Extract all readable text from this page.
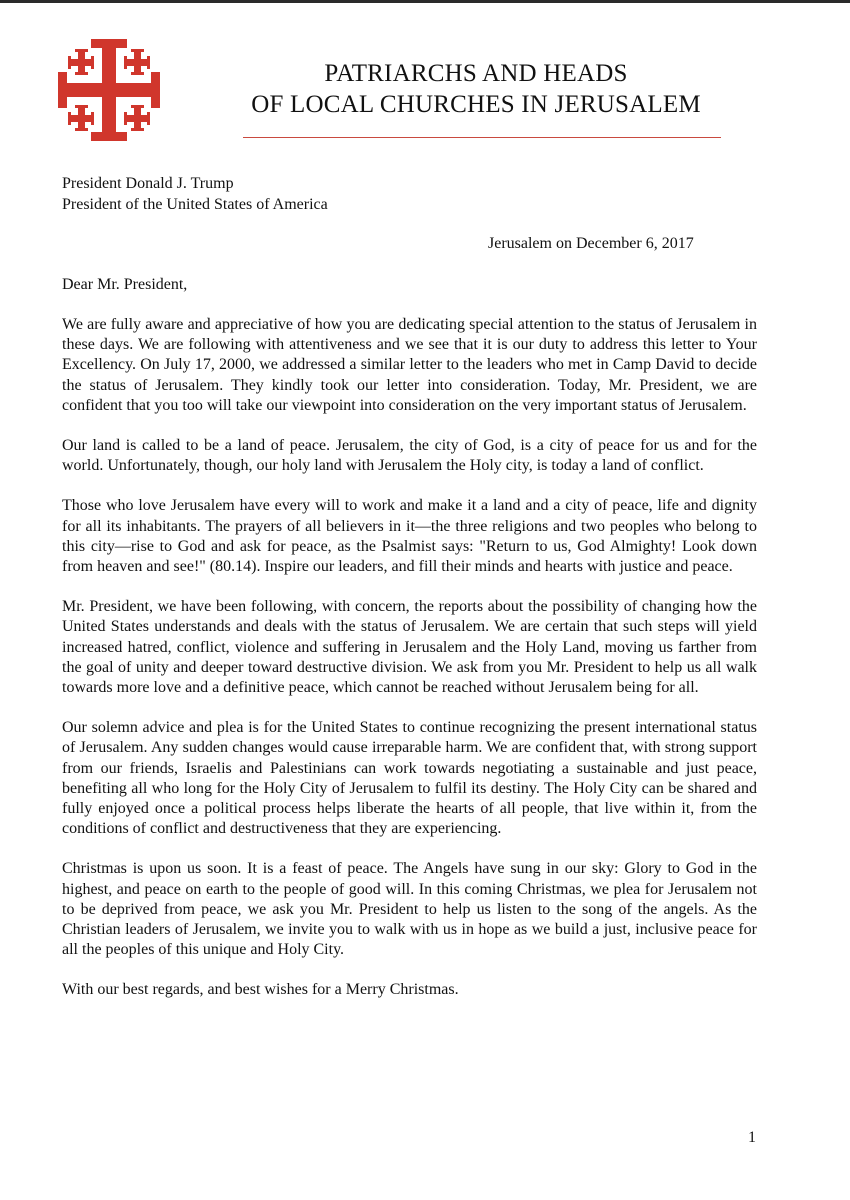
PATRIARCHS AND HEADS
OF LOCAL CHURCHES IN JERUSALEM
President Donald J. Trump
President of the United States of America
Jerusalem on December 6, 2017
Dear Mr. President,

We are fully aware and appreciative of how you are dedicating special attention to the status of Jerusalem in these days. We are following with attentiveness and we see that it is our duty to address this letter to Your Excellency. On July 17, 2000, we addressed a similar letter to the leaders who met in Camp David to decide the status of Jerusalem. They kindly took our letter into consideration. Today, Mr. President, we are confident that you too will take our viewpoint into consideration on the very important status of Jerusalem.

Our land is called to be a land of peace. Jerusalem, the city of God, is a city of peace for us and for the world. Unfortunately, though, our holy land with Jerusalem the Holy city, is today a land of conflict.

Those who love Jerusalem have every will to work and make it a land and a city of peace, life and dignity for all its inhabitants. The prayers of all believers in it—the three religions and two peoples who belong to this city—rise to God and ask for peace, as the Psalmist says: "Return to us, God Almighty! Look down from heaven and see!" (80.14). Inspire our leaders, and fill their minds and hearts with justice and peace.

Mr. President, we have been following, with concern, the reports about the possibility of changing how the United States understands and deals with the status of Jerusalem. We are certain that such steps will yield increased hatred, conflict, violence and suffering in Jerusalem and the Holy Land, moving us farther from the goal of unity and deeper toward destructive division. We ask from you Mr. President to help us all walk towards more love and a definitive peace, which cannot be reached without Jerusalem being for all.

Our solemn advice and plea is for the United States to continue recognizing the present international status of Jerusalem. Any sudden changes would cause irreparable harm. We are confident that, with strong support from our friends, Israelis and Palestinians can work towards negotiating a sustainable and just peace, benefiting all who long for the Holy City of Jerusalem to fulfil its destiny. The Holy City can be shared and fully enjoyed once a political process helps liberate the hearts of all people, that live within it, from the conditions of conflict and destructiveness that they are experiencing.

Christmas is upon us soon. It is a feast of peace. The Angels have sung in our sky: Glory to God in the highest, and peace on earth to the people of good will. In this coming Christmas, we plea for Jerusalem not to be deprived from peace, we ask you Mr. President to help us listen to the song of the angels. As the Christian leaders of Jerusalem, we invite you to walk with us in hope as we build a just, inclusive peace for all the peoples of this unique and Holy City.

With our best regards, and best wishes for a Merry Christmas.

1
